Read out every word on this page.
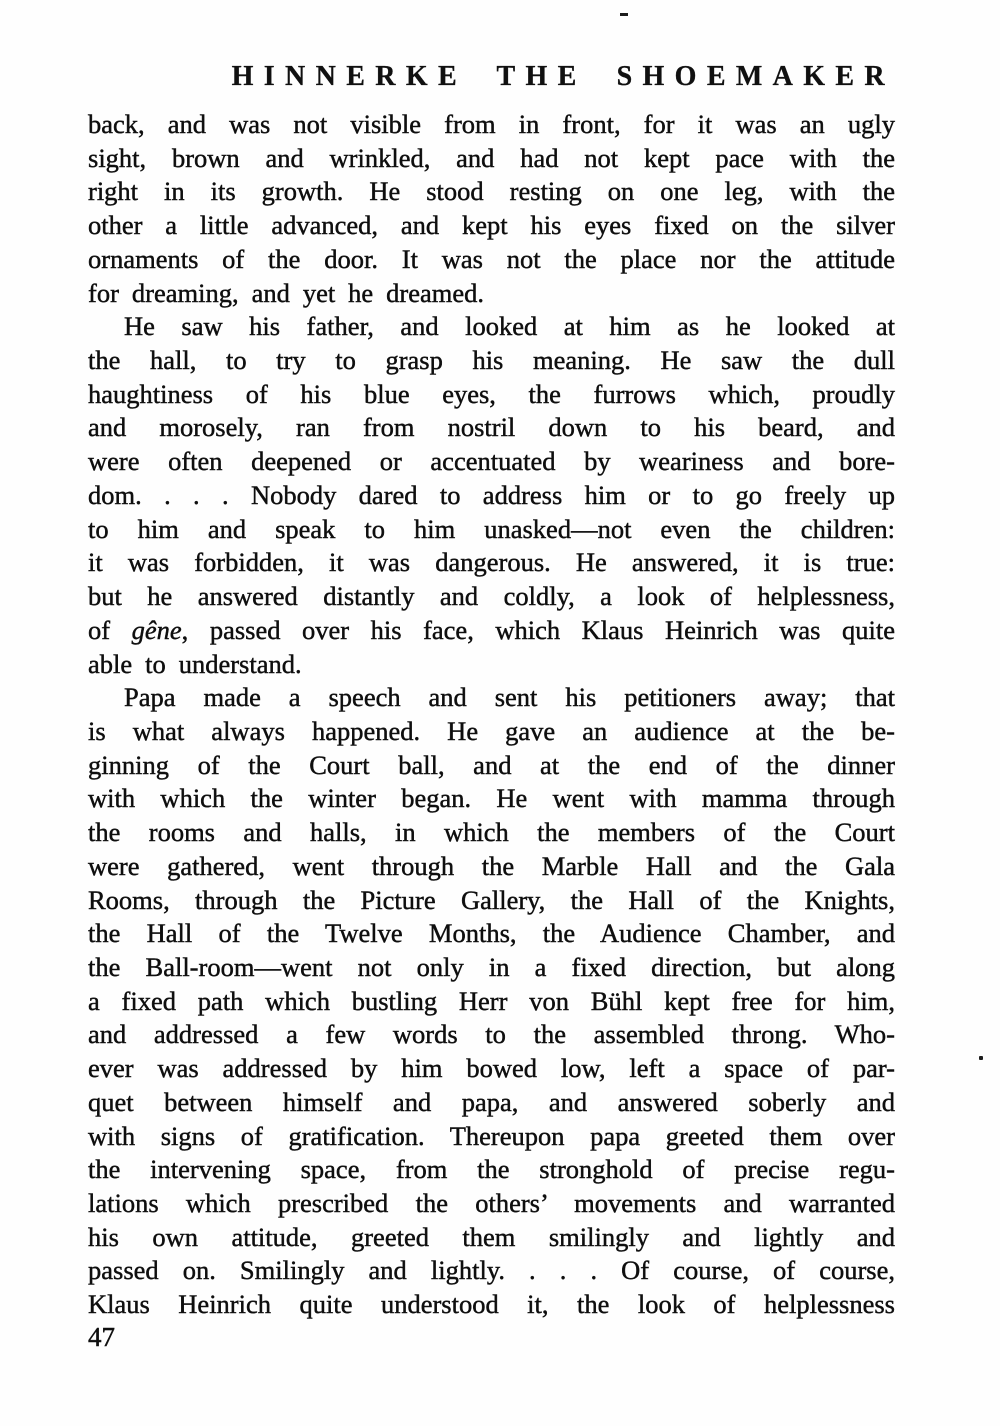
HINNERKE THE SHOEMAKER
back, and was not visible from in front, for it was an ugly
sight, brown and wrinkled, and had not kept pace with the
right in its growth. He stood resting on one leg, with the
other a little advanced, and kept his eyes fixed on the silver
ornaments of the door. It was not the place nor the attitude
for dreaming, and yet he dreamed.
He saw his father, and looked at him as he looked at
the hall, to try to grasp his meaning. He saw the dull
haughtiness of his blue eyes, the furrows which, proudly
and morosely, ran from nostril down to his beard, and
were often deepened or accentuated by weariness and bore-
dom. . . . Nobody dared to address him or to go freely up
to him and speak to him unasked—not even the children:
it was forbidden, it was dangerous. He answered, it is true:
but he answered distantly and coldly, a look of helplessness,
of gêne, passed over his face, which Klaus Heinrich was quite
able to understand.
Papa made a speech and sent his petitioners away; that
is what always happened. He gave an audience at the be-
ginning of the Court ball, and at the end of the dinner
with which the winter began. He went with mamma through
the rooms and halls, in which the members of the Court
were gathered, went through the Marble Hall and the Gala
Rooms, through the Picture Gallery, the Hall of the Knights,
the Hall of the Twelve Months, the Audience Chamber, and
the Ball-room—went not only in a fixed direction, but along
a fixed path which bustling Herr von Bühl kept free for him,
and addressed a few words to the assembled throng. Who-
ever was addressed by him bowed low, left a space of par-
quet between himself and papa, and answered soberly and
with signs of gratification. Thereupon papa greeted them over
the intervening space, from the stronghold of precise regu-
lations which prescribed the others’ movements and warranted
his own attitude, greeted them smilingly and lightly and
passed on. Smilingly and lightly. . . . Of course, of course,
Klaus Heinrich quite understood it, the look of helplessness
47
